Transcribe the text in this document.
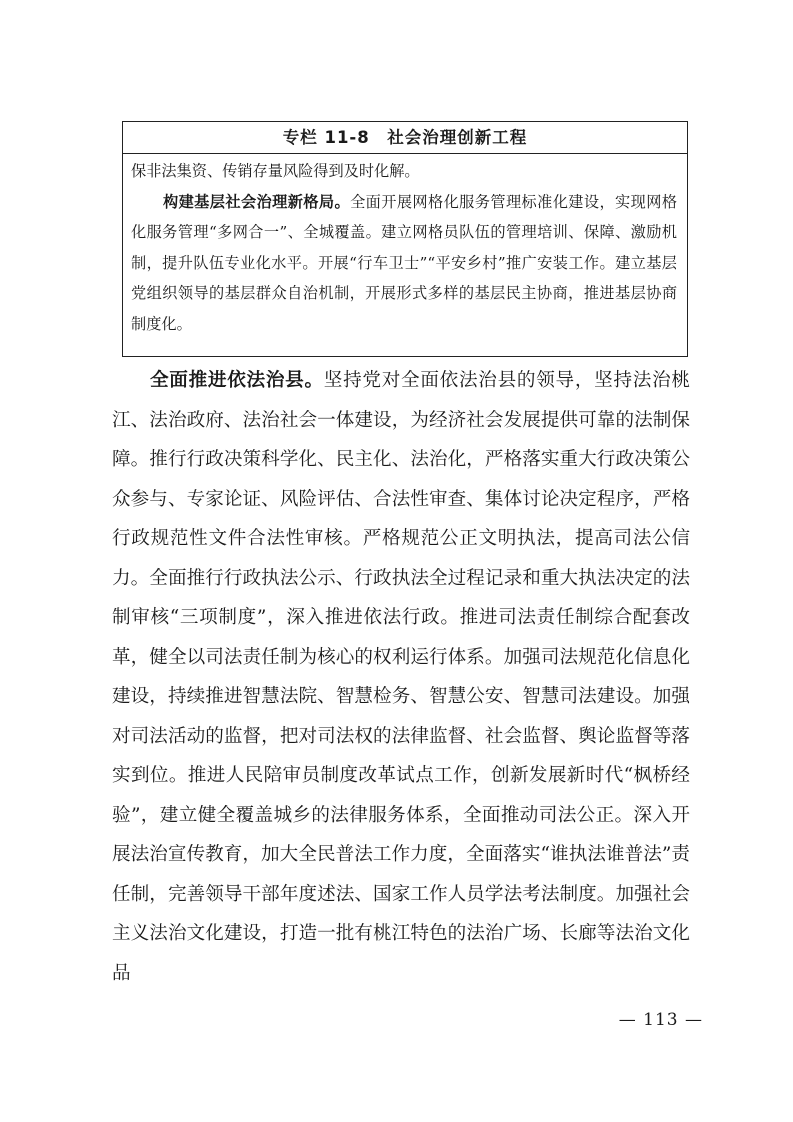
专栏 11-8　社会治理创新工程

保非法集资、传销存量风险得到及时化解。

构建基层社会治理新格局。全面开展网格化服务管理标准化建设，实现网格化服务管理“多网合一”、全城覆盖。建立网格员队伍的管理培训、保障、激励机制，提升队伍专业化水平。开展“行车卫士”“平安乡村”推广安装工作。建立基层党组织领导的基层群众自治机制，开展形式多样的基层民主协商，推进基层协商制度化。

全面推进依法治县。坚持党对全面依法治县的领导，坚持法治桃江、法治政府、法治社会一体建设，为经济社会发展提供可靠的法制保障。推行行政决策科学化、民主化、法治化，严格落实重大行政决策公众参与、专家论证、风险评估、合法性审查、集体讨论决定程序，严格行政规范性文件合法性审核。严格规范公正文明执法，提高司法公信力。全面推行行政执法公示、行政执法全过程记录和重大执法决定的法制审核“三项制度”，深入推进依法行政。推进司法责任制综合配套改革，健全以司法责任制为核心的权利运行体系。加强司法规范化信息化建设，持续推进智慧法院、智慧检务、智慧公安、智慧司法建设。加强对司法活动的监督，把对司法权的法律监督、社会监督、舆论监督等落实到位。推进人民陪审员制度改革试点工作，创新发展新时代“枫桥经验”，建立健全覆盖城乡的法律服务体系，全面推动司法公正。深入开展法治宣传教育，加大全民普法工作力度，全面落实“谁执法谁普法”责任制，完善领导干部年度述法、国家工作人员学法考法制度。加强社会主义法治文化建设，打造一批有桃江特色的法治广场、长廊等法治文化品

— 113 —
